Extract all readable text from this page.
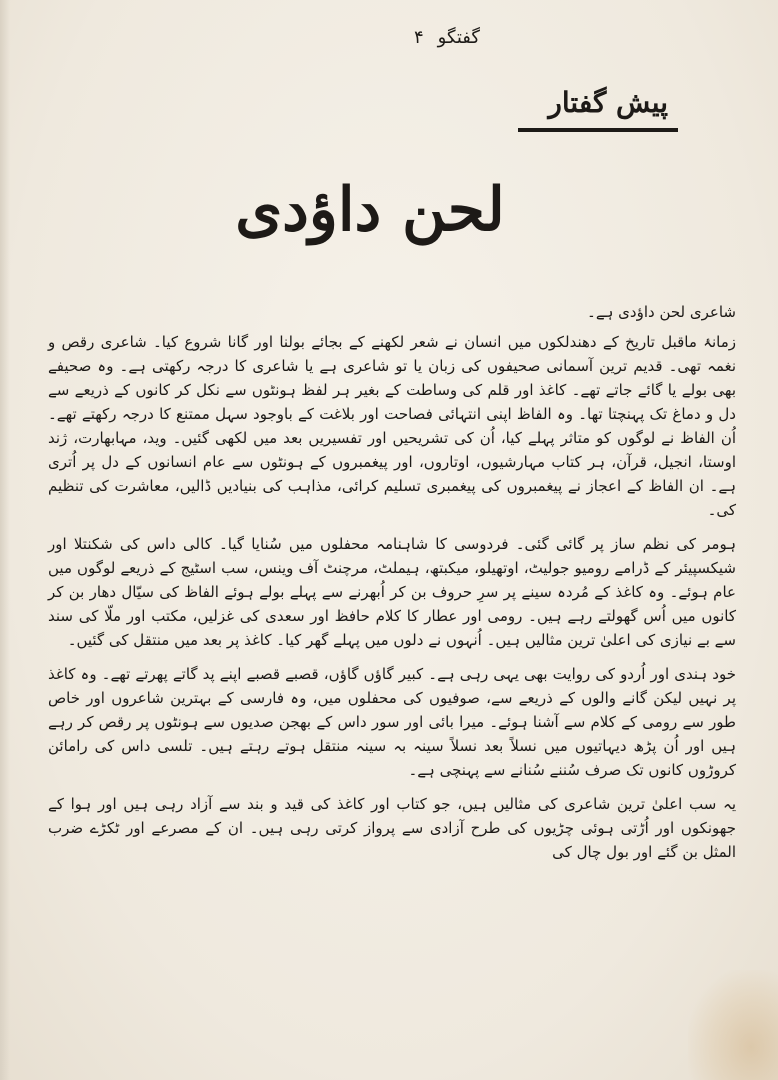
گفتگو
۴
پیش گفتار
لحن داؤدی

شاعری لحن داؤدی ہے۔

زمانۂ ماقبل تاریخ کے دھندلکوں میں انسان نے شعر لکھنے کے بجائے بولنا اور گانا شروع کیا۔ شاعری رقص و نغمہ تھی۔ قدیم ترین آسمانی صحیفوں کی زبان یا تو شاعری ہے یا شاعری کا درجہ رکھتی ہے۔ وہ صحیفے بھی بولے یا گائے جاتے تھے۔ کاغذ اور قلم کی وساطت کے بغیر ہر لفظ ہونٹوں سے نکل کر کانوں کے ذریعے سے دل و دماغ تک پہنچتا تھا۔ وہ الفاظ اپنی انتہائی فصاحت اور بلاغت کے باوجود سہل ممتنع کا درجہ رکھتے تھے۔ اُن الفاظ نے لوگوں کو متاثر پہلے کیا، اُن کی تشریحیں اور تفسیریں بعد میں لکھی گئیں۔ وید، مہابھارت، ژند اوستا، انجیل، قرآن، ہر کتاب مہارشیوں، اوتاروں، اور پیغمبروں کے ہونٹوں سے عام انسانوں کے دل پر اُتری ہے۔ ان الفاظ کے اعجاز نے پیغمبروں کی پیغمبری تسلیم کرائی، مذاہب کی بنیادیں ڈالیں، معاشرت کی تنظیم کی۔

ہومر کی نظم ساز پر گائی گئی۔ فردوسی کا شاہنامہ محفلوں میں سُنایا گیا۔ کالی داس کی شکنتلا اور شیکسپیئر کے ڈرامے رومیو جولیٹ، اوتھیلو، میکبتھ، ہیملٹ، مرچنٹ آف وینس، سب اسٹیج کے ذریعے لوگوں میں عام ہوئے۔ وہ کاغذ کے مُردہ سینے پر سرِ حروف بن کر اُبھرنے سے پہلے بولے ہوئے الفاظ کی سیّال دھار بن کر کانوں میں اُس گھولتے رہے ہیں۔ رومی اور عطار کا کلام حافظ اور سعدی کی غزلیں، مکتب اور ملّا کی سند سے بے نیازی کی اعلیٰ ترین مثالیں ہیں۔ اُنہوں نے دلوں میں پہلے گھر کیا۔ کاغذ پر بعد میں منتقل کی گئیں۔

خود ہندی اور اُردو کی روایت بھی یہی رہی ہے۔ کبیر گاؤں گاؤں، قصبے قصبے اپنے پد گاتے پھرتے تھے۔ وہ کاغذ پر نہیں لیکن گانے والوں کے ذریعے سے، صوفیوں کی محفلوں میں، وہ فارسی کے بہترین شاعروں اور خاص طور سے رومی کے کلام سے آشنا ہوئے۔ میرا بائی اور سور داس کے بھجن صدیوں سے ہونٹوں پر رقص کر رہے ہیں اور اُن پڑھ دیہاتیوں میں نسلاً بعد نسلاً سینہ بہ سینہ منتقل ہوتے رہتے ہیں۔ تلسی داس کی رامائن کروڑوں کانوں تک صرف سُننے سُنانے سے پہنچی ہے۔

یہ سب اعلیٰ ترین شاعری کی مثالیں ہیں، جو کتاب اور کاغذ کی قید و بند سے آزاد رہی ہیں اور ہوا کے جھونکوں اور اُڑتی ہوئی چڑیوں کی طرح آزادی سے پرواز کرتی رہی ہیں۔ ان کے مصرعے اور ٹکڑے ضرب المثل بن گئے اور بول چال کی
